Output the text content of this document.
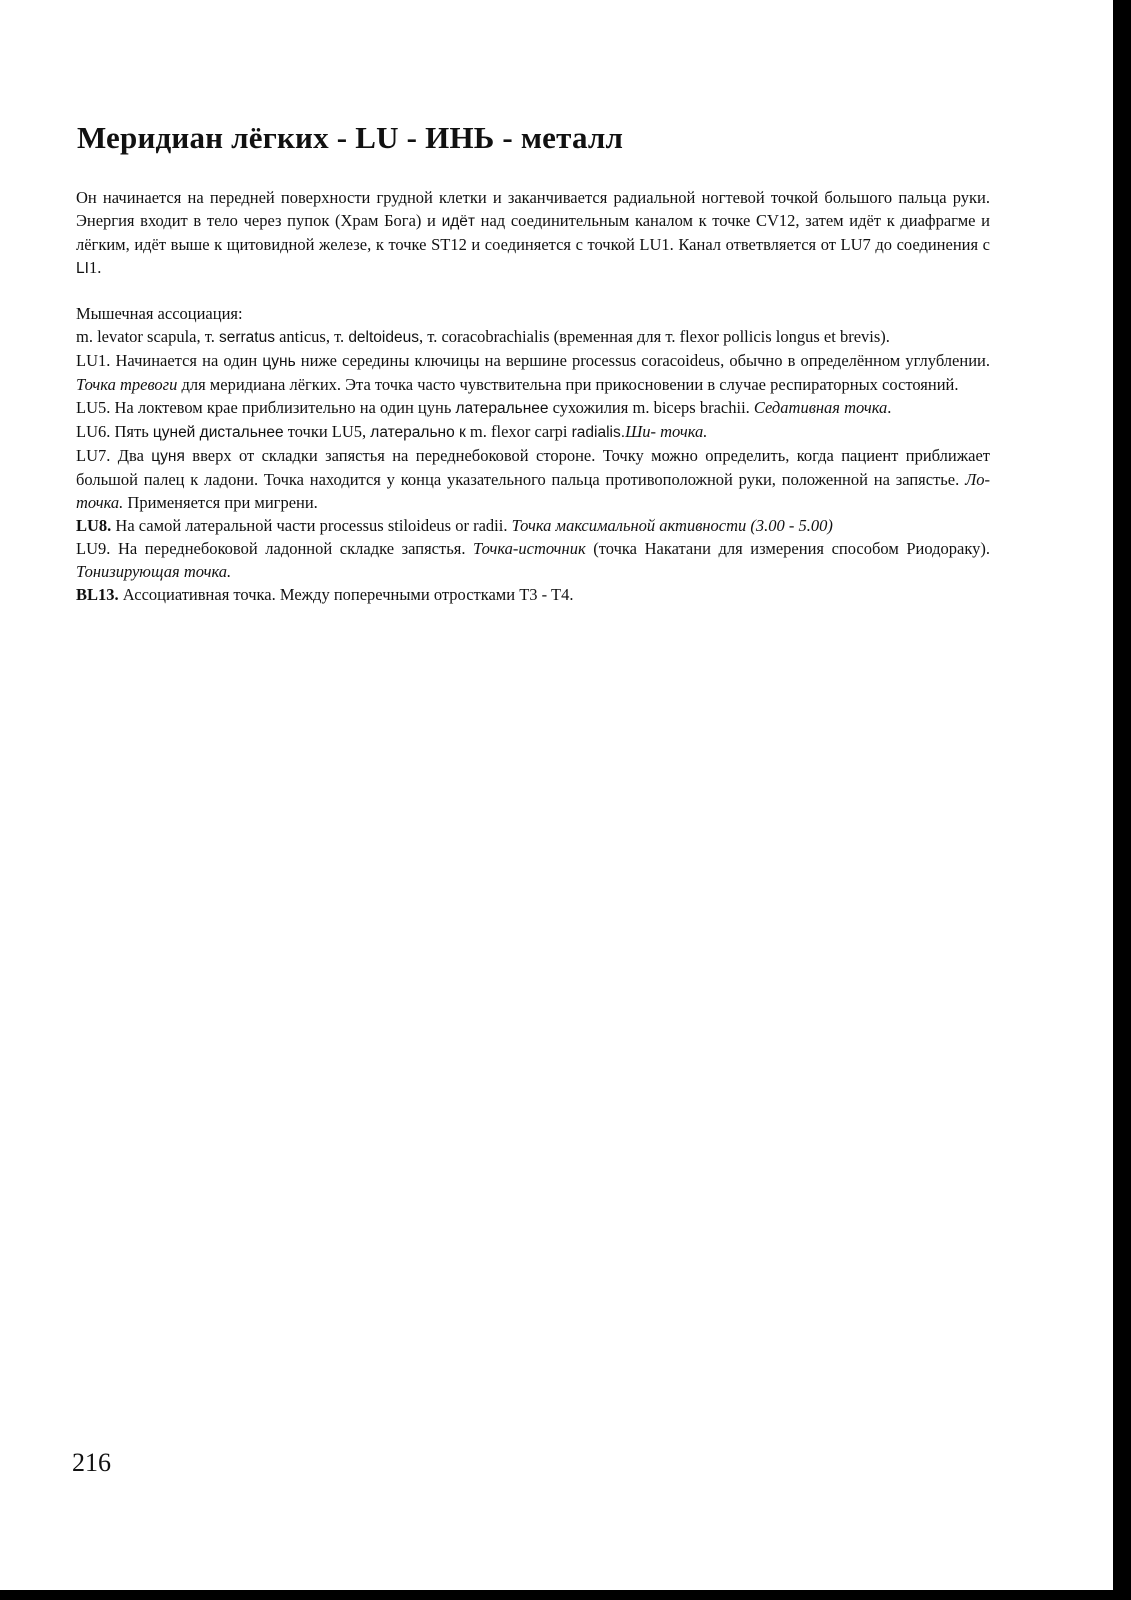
Меридиан лёгких - LU - ИНЬ - металл

Он начинается на передней поверхности грудной клетки и заканчивается радиальной ногтевой точкой большого пальца руки. Энергия входит в тело через пупок (Храм Бога) и идёт над соединительным каналом к точке CV12, затем идёт к диафрагме и лёгким, идёт выше к щитовидной железе, к точке ST12 и соединяется с точкой LU1. Канал ответвляется от LU7 до соединения с LI1.

Мышечная ассоциация:

m. levator scapula, т. serratus anticus, т. deltoideus, т. coracobrachialis (временная для т. flexor pollicis longus et brevis).

LU1. Начинается на один цунь ниже середины ключицы на вершине processus coracoideus, обычно в определённом углублении. Точка тревоги для меридиана лёгких. Эта точка часто чувствительна при прикосновении в случае респираторных состояний.

LU5. На локтевом крае приблизительно на один цунь латеральнее сухожилия m. biceps brachii. Седативная точка.

LU6. Пять цуней дистальнее точки LU5, латерально к m. flexor carpi radialis.Ши- точка.

LU7. Два цуня вверх от складки запястья на переднебоковой стороне. Точку можно определить, когда пациент приближает большой палец к ладони. Точка находится у конца указательного пальца противоположной руки, положенной на запястье. Ло-точка. Применяется при мигрени.

LU8. На самой латеральной части processus stiloideus or radii. Точка максимальной активности (3.00 - 5.00)

LU9. На переднебоковой ладонной складке запястья. Точка-источник (точка Накатани для измерения способом Риодораку). Тонизирующая точка.

BL13. Ассоциативная точка. Между поперечными отростками T3 - T4.

216
